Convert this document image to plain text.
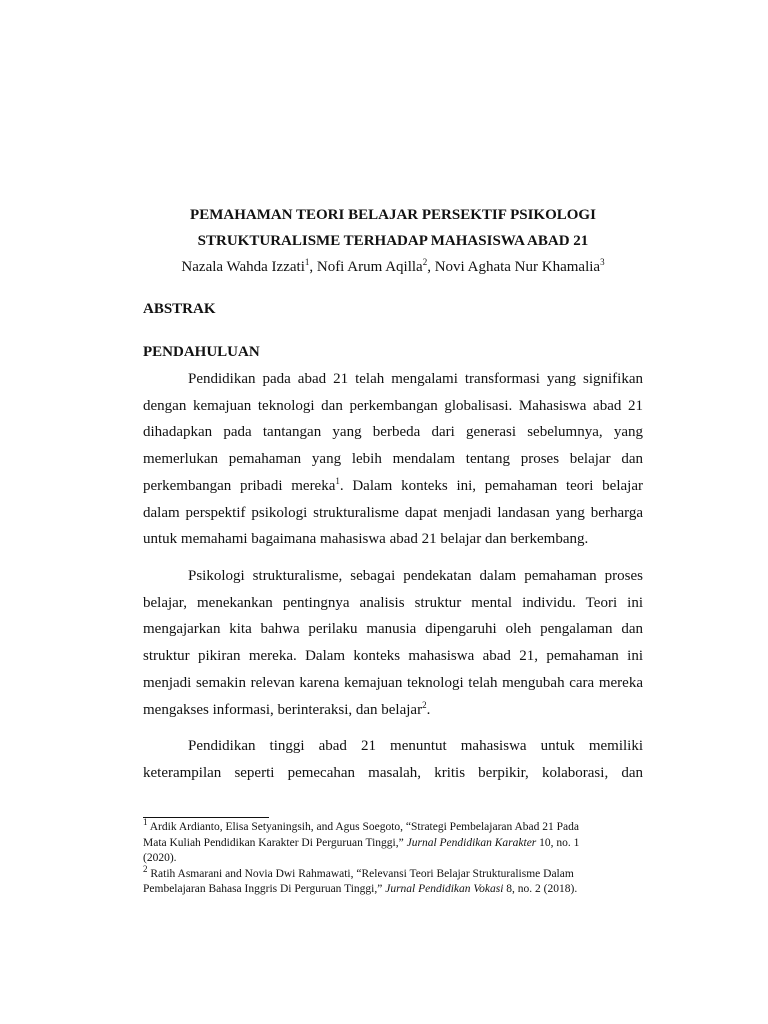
PEMAHAMAN TEORI BELAJAR PERSEKTIF PSIKOLOGI
STRUKTURALISME TERHADAP MAHASISWA ABAD 21
Nazala Wahda Izzati$^1$, Nofi Arum Aqilla$^2$, Novi Aghata Nur Khamalia$^3$
ABSTRAK
PENDAHULUAN
Pendidikan pada abad 21 telah mengalami transformasi yang signifikan
dengan kemajuan teknologi dan perkembangan globalisasi. Mahasiswa abad 21
dihadapkan pada tantangan yang berbeda dari generasi sebelumnya, yang
memerlukan pemahaman yang lebih mendalam tentang proses belajar dan
perkembangan pribadi mereka$^1$. Dalam konteks ini, pemahaman teori belajar
dalam perspektif psikologi strukturalisme dapat menjadi landasan yang berharga
untuk memahami bagaimana mahasiswa abad 21 belajar dan berkembang.
Psikologi strukturalisme, sebagai pendekatan dalam pemahaman proses
belajar, menekankan pentingnya analisis struktur mental individu. Teori ini
mengajarkan kita bahwa perilaku manusia dipengaruhi oleh pengalaman dan
struktur pikiran mereka. Dalam konteks mahasiswa abad 21, pemahaman ini
menjadi semakin relevan karena kemajuan teknologi telah mengubah cara mereka
mengakses informasi, berinteraksi, dan belajar$^2$.
Pendidikan tinggi abad 21 menuntut mahasiswa untuk memiliki
keterampilan seperti pemecahan masalah, kritis berpikir, kolaborasi, dan
$^1$ Ardik Ardianto, Elisa Setyaningsih, and Agus Soegoto, “Strategi Pembelajaran Abad 21 Pada
Mata Kuliah Pendidikan Karakter Di Perguruan Tinggi,” Jurnal Pendidikan Karakter 10, no. 1
(2020).
$^2$ Ratih Asmarani and Novia Dwi Rahmawati, “Relevansi Teori Belajar Strukturalisme Dalam
Pembelajaran Bahasa Inggris Di Perguruan Tinggi,” Jurnal Pendidikan Vokasi 8, no. 2 (2018).
